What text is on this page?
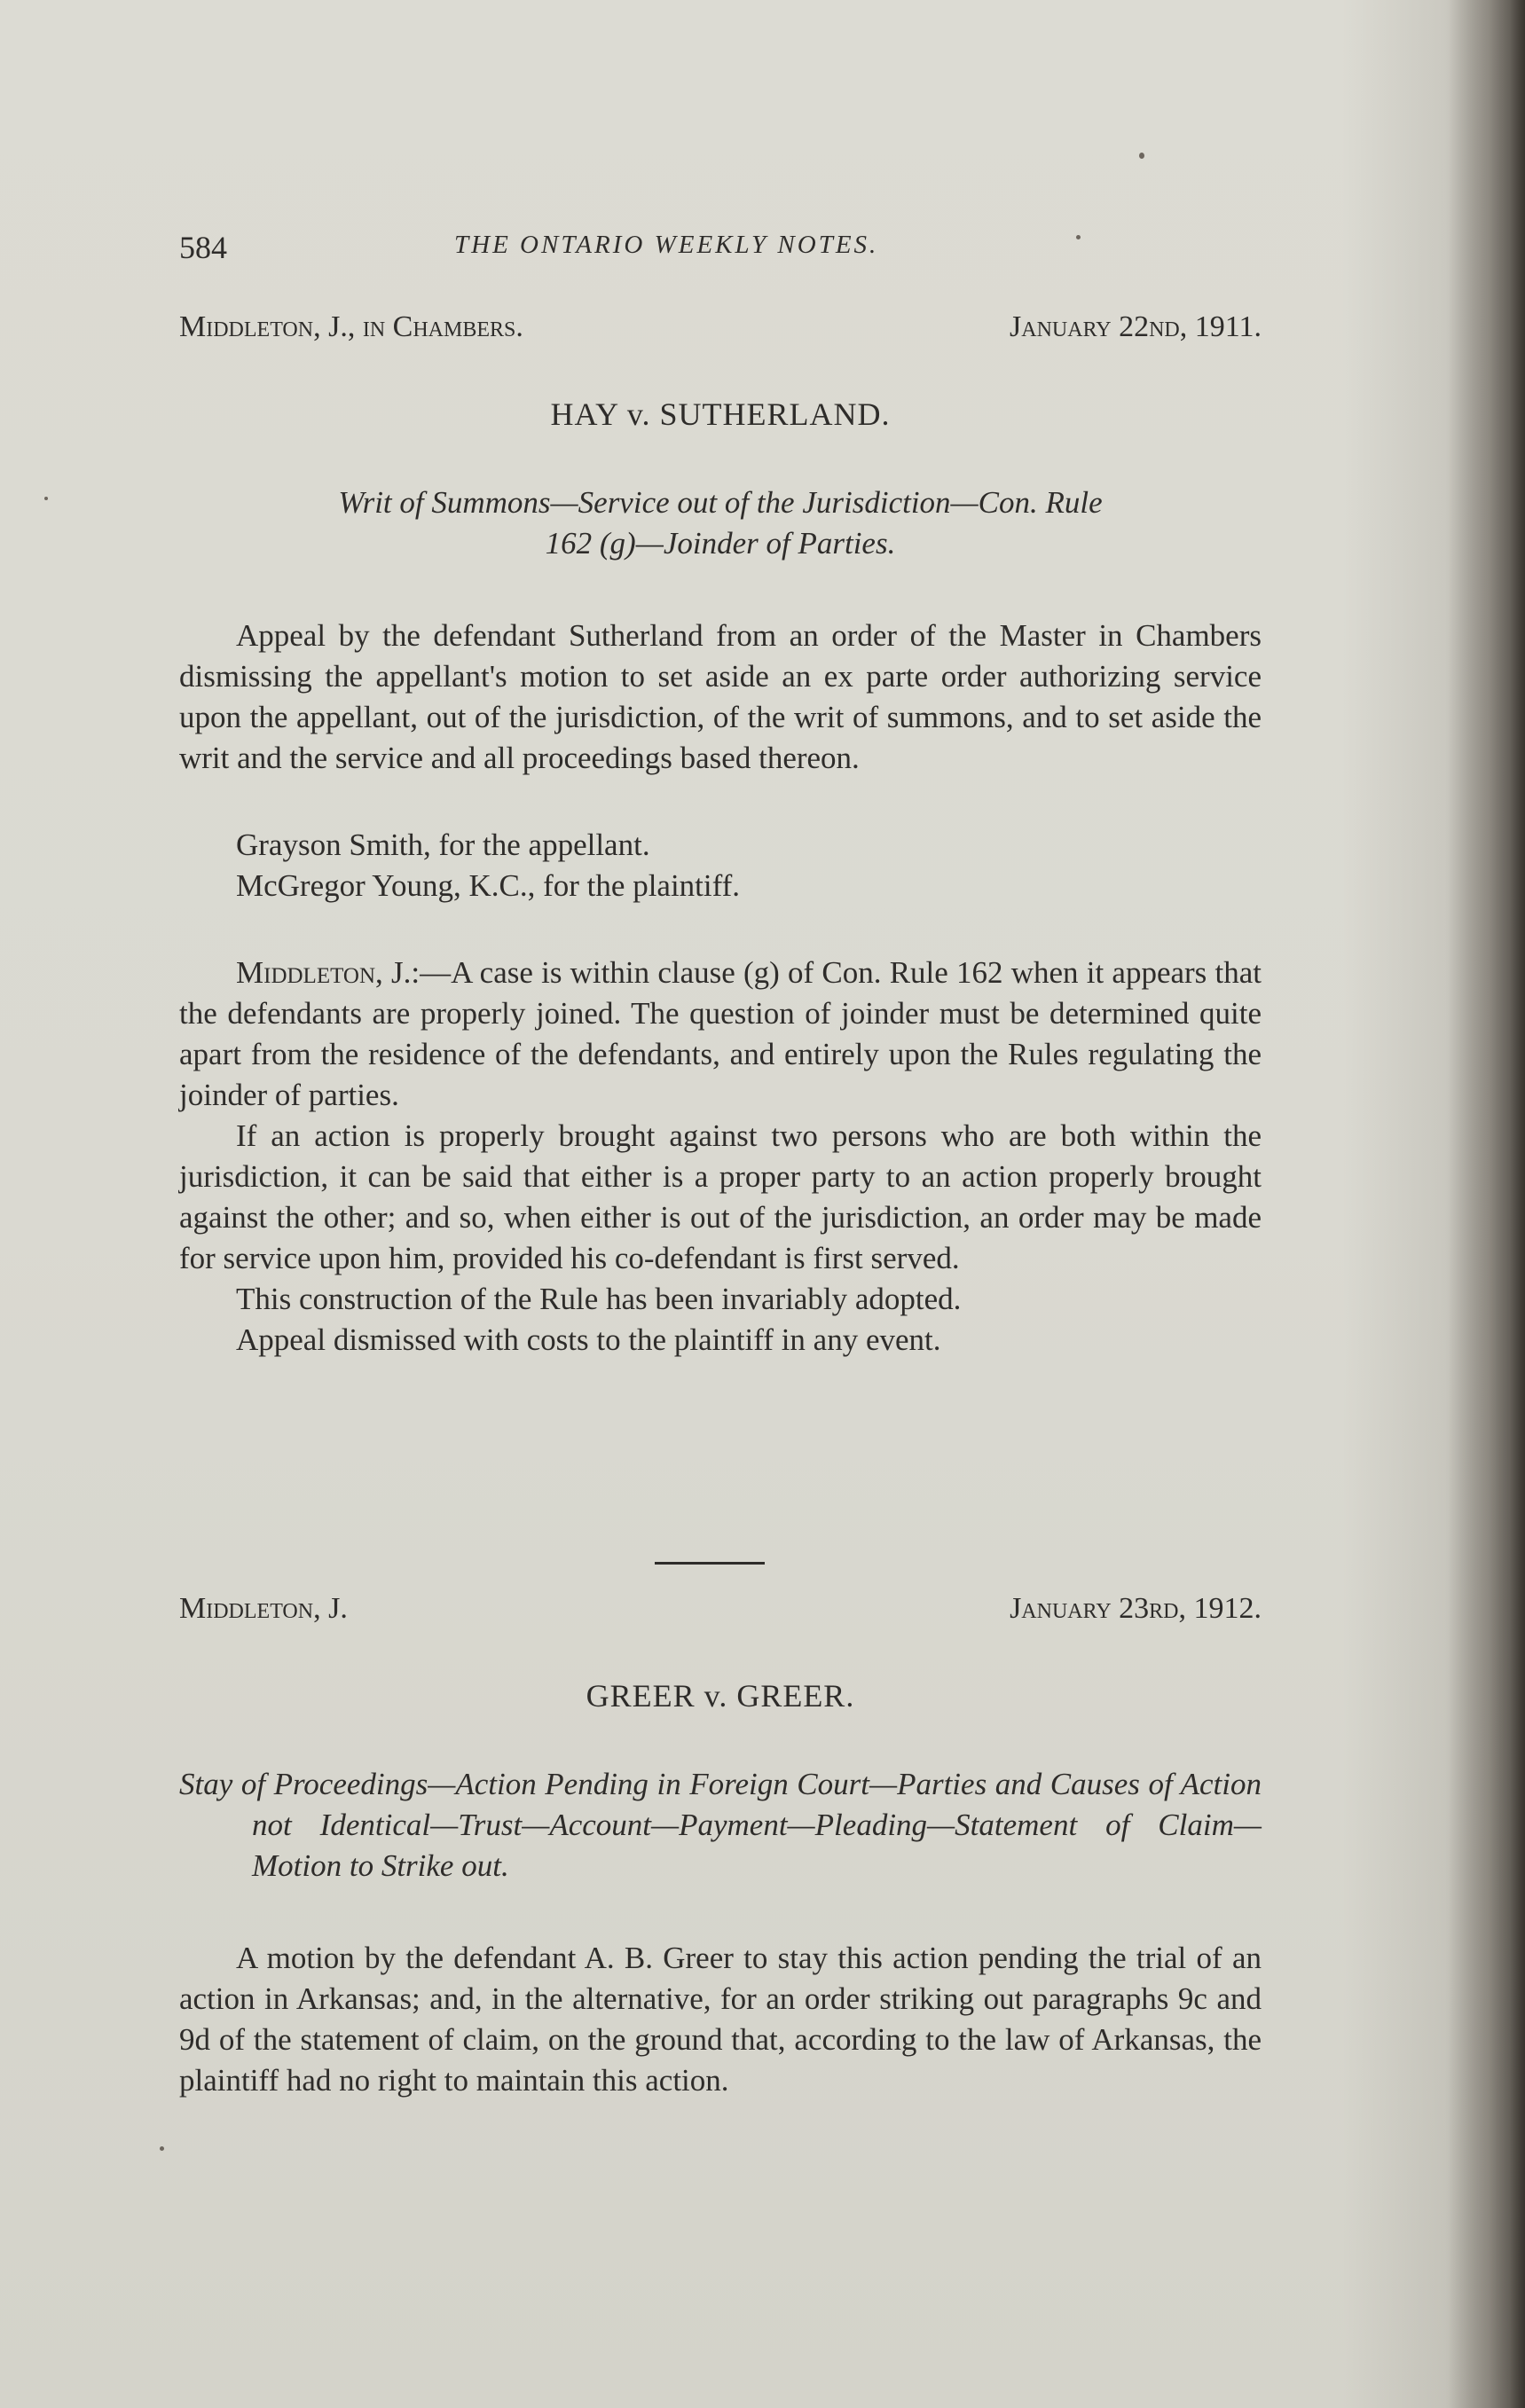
584	THE ONTARIO WEEKLY NOTES.
Middleton, J., in Chambers.	January 22nd, 1911.
HAY v. SUTHERLAND.
Writ of Summons—Service out of the Jurisdiction—Con. Rule
162 (g)—Joinder of Parties.

Appeal by the defendant Sutherland from an order of the Master in Chambers dismissing the appellant's motion to set aside an ex parte order authorizing service upon the appellant, out of the jurisdiction, of the writ of summons, and to set aside the writ and the service and all proceedings based thereon.

Grayson Smith, for the appellant.
McGregor Young, K.C., for the plaintiff.

Middleton, J.:—A case is within clause (g) of Con. Rule 162 when it appears that the defendants are properly joined. The question of joinder must be determined quite apart from the residence of the defendants, and entirely upon the Rules regulating the joinder of parties.

If an action is properly brought against two persons who are both within the jurisdiction, it can be said that either is a proper party to an action properly brought against the other; and so, when either is out of the jurisdiction, an order may be made for service upon him, provided his co-defendant is first served.

This construction of the Rule has been invariably adopted.

Appeal dismissed with costs to the plaintiff in any event.

Middleton, J.	January 23rd, 1912.
GREER v. GREER.
Stay of Proceedings—Action Pending in Foreign Court—Parties and Causes of Action not Identical—Trust—Account—Payment—Pleading—Statement of Claim—Motion to Strike out.

A motion by the defendant A. B. Greer to stay this action pending the trial of an action in Arkansas; and, in the alternative, for an order striking out paragraphs 9c and 9d of the statement of claim, on the ground that, according to the law of Arkansas, the plaintiff had no right to maintain this action.
